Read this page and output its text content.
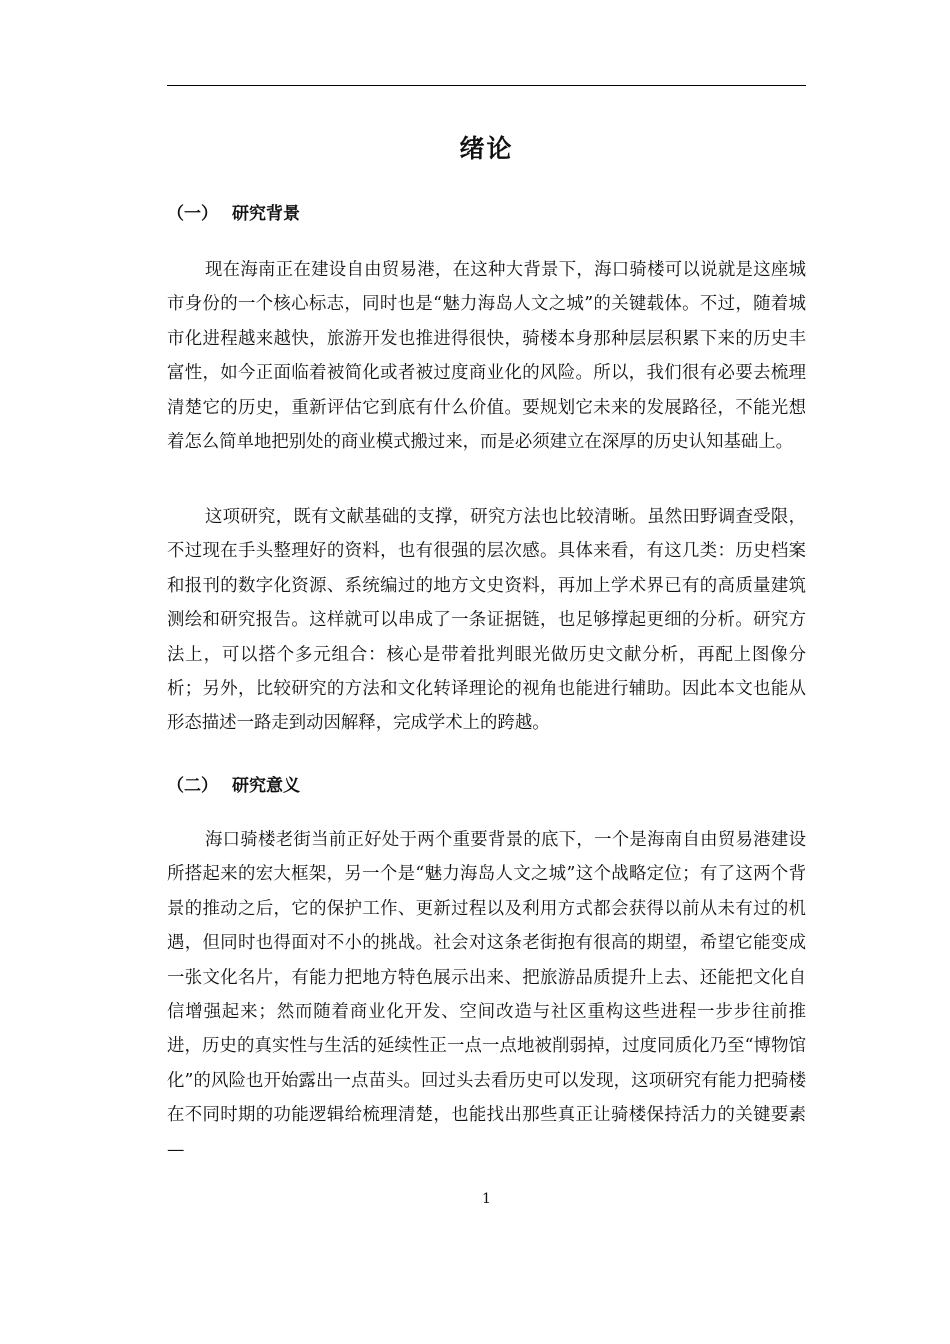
绪论
（一） 研究背景

现在海南正在建设自由贸易港，在这种大背景下，海口骑楼可以说就是这座城市身份的一个核心标志，同时也是“魅力海岛人文之城”的关键载体。不过，随着城市化进程越来越快，旅游开发也推进得很快，骑楼本身那种层层积累下来的历史丰富性，如今正面临着被简化或者被过度商业化的风险。所以，我们很有必要去梳理清楚它的历史，重新评估它到底有什么价值。要规划它未来的发展路径，不能光想着怎么简单地把别处的商业模式搬过来，而是必须建立在深厚的历史认知基础上。

这项研究，既有文献基础的支撑，研究方法也比较清晰。虽然田野调查受限，不过现在手头整理好的资料，也有很强的层次感。具体来看，有这几类：历史档案和报刊的数字化资源、系统编过的地方文史资料，再加上学术界已有的高质量建筑测绘和研究报告。这样就可以串成了一条证据链，也足够撑起更细的分析。研究方法上，可以搭个多元组合：核心是带着批判眼光做历史文献分析，再配上图像分析；另外，比较研究的方法和文化转译理论的视角也能进行辅助。因此本文也能从形态描述一路走到动因解释，完成学术上的跨越。

（二） 研究意义

海口骑楼老街当前正好处于两个重要背景的底下，一个是海南自由贸易港建设所搭起来的宏大框架，另一个是“魅力海岛人文之城”这个战略定位；有了这两个背景的推动之后，它的保护工作、更新过程以及利用方式都会获得以前从未有过的机遇，但同时也得面对不小的挑战。社会对这条老街抱有很高的期望，希望它能变成一张文化名片，有能力把地方特色展示出来、把旅游品质提升上去、还能把文化自信增强起来；然而随着商业化开发、空间改造与社区重构这些进程一步步往前推进，历史的真实性与生活的延续性正一点一点地被削弱掉，过度同质化乃至“博物馆化”的风险也开始露出一点苗头。回过头去看历史可以发现，这项研究有能力把骑楼在不同时期的功能逻辑给梳理清楚，也能找出那些真正让骑楼保持活力的关键要素—

1
